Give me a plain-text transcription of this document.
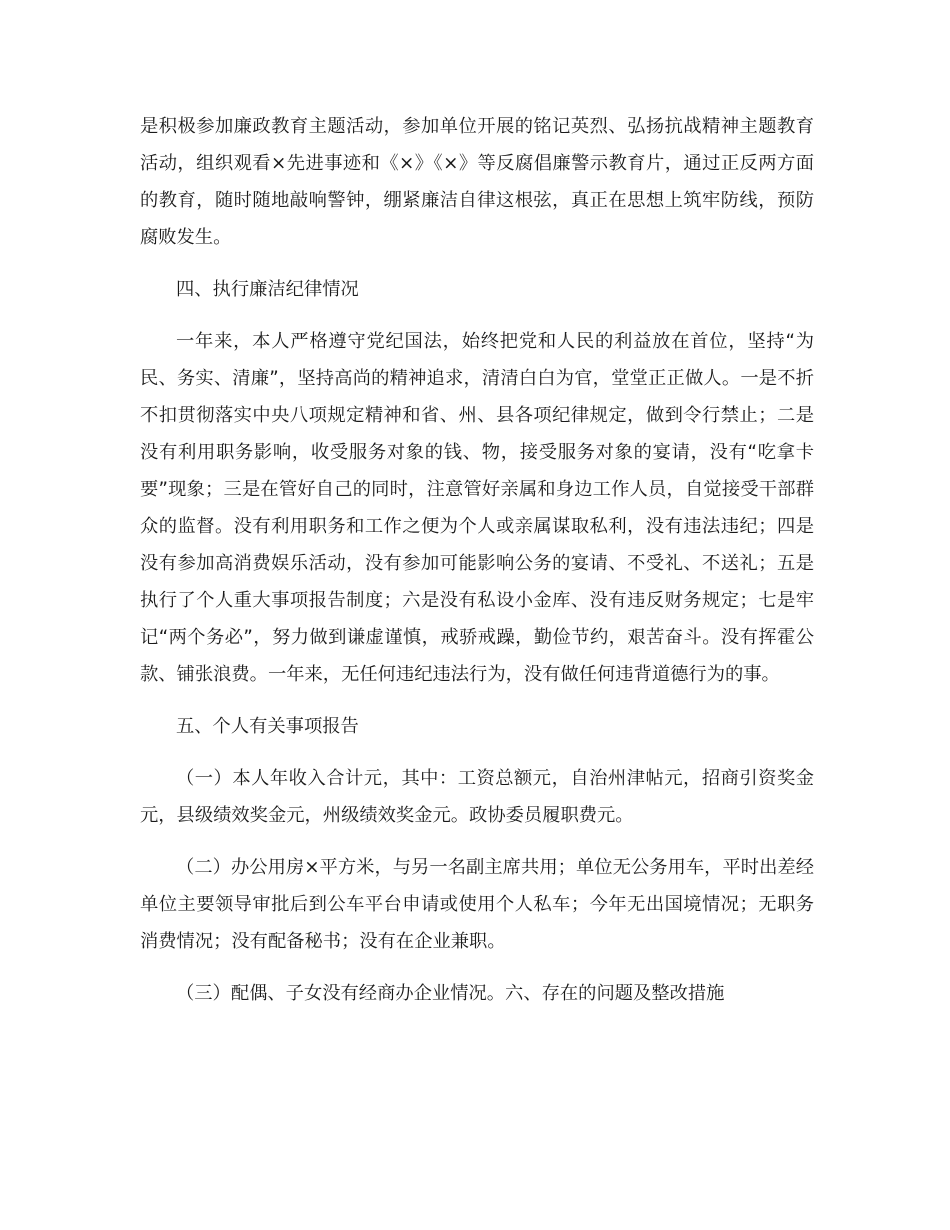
是积极参加廉政教育主题活动，参加单位开展的铭记英烈、弘扬抗战精神主题教育活动，组织观看×先进事迹和《×》《×》等反腐倡廉警示教育片，通过正反两方面的教育，随时随地敲响警钟，绷紧廉洁自律这根弦，真正在思想上筑牢防线，预防腐败发生。

四、执行廉洁纪律情况

一年来，本人严格遵守党纪国法，始终把党和人民的利益放在首位，坚持“为民、务实、清廉”，坚持高尚的精神追求，清清白白为官，堂堂正正做人。一是不折不扣贯彻落实中央八项规定精神和省、州、县各项纪律规定，做到令行禁止；二是没有利用职务影响，收受服务对象的钱、物，接受服务对象的宴请，没有“吃拿卡要”现象；三是在管好自己的同时，注意管好亲属和身边工作人员，自觉接受干部群众的监督。没有利用职务和工作之便为个人或亲属谋取私利，没有违法违纪；四是没有参加高消费娱乐活动，没有参加可能影响公务的宴请、不受礼、不送礼；五是执行了个人重大事项报告制度；六是没有私设小金库、没有违反财务规定；七是牢记“两个务必”，努力做到谦虚谨慎，戒骄戒躁，勤俭节约，艰苦奋斗。没有挥霍公款、铺张浪费。一年来，无任何违纪违法行为，没有做任何违背道德行为的事。

五、个人有关事项报告

（一）本人年收入合计元，其中：工资总额元，自治州津帖元，招商引资奖金元，县级绩效奖金元，州级绩效奖金元。政协委员履职费元。

（二）办公用房×平方米，与另一名副主席共用；单位无公务用车，平时出差经单位主要领导审批后到公车平台申请或使用个人私车；今年无出国境情况；无职务消费情况；没有配备秘书；没有在企业兼职。

（三）配偶、子女没有经商办企业情况。六、存在的问题及整改措施
